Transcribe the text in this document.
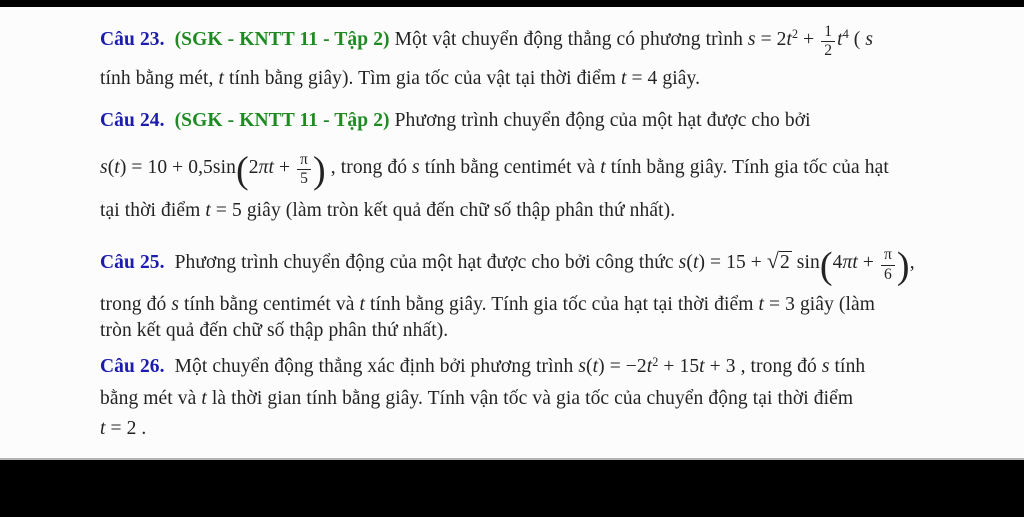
Câu 23. (SGK - KNTT 11 - Tập 2) Một vật chuyển động thẳng có phương trình $s = 2t2 + \frac{1}{2} t4$ ( s
tính bằng mét, t tính bằng giây). Tìm gia tốc của vật tại thời điểm t = 4 giây.
Câu 24. (SGK - KNTT 11 - Tập 2) Phương trình chuyển động của một hạt được cho bởi
$s(t) = 10 + 0,5\sin(2\pi t + \frac{\pi}{5}$ ) , trong đó s tính bằng centimét và t tính bằng giây. Tính gia tốc của hạt
tại thời điểm t = 5 giây (làm tròn kết quả đến chữ số thập phân thứ nhất).
Câu 25.  Phương trình chuyển động của một hạt được cho bởi công thức s(t) = 15 + √2 $\sin(4\pi t + \frac{\pi}{6}$ ),
trong đó s tính bằng centimét và t tính bằng giây. Tính gia tốc của hạt tại thời điểm t = 3 giây (làm
tròn kết quả đến chữ số thập phân thứ nhất).
Câu 26.  Một chuyển động thẳng xác định bởi phương trình s(t) = −2t2 + 15t + 3 , trong đó s tính
bằng mét và t là thời gian tính bằng giây. Tính vận tốc và gia tốc của chuyển động tại thời điểm
t = 2 .
